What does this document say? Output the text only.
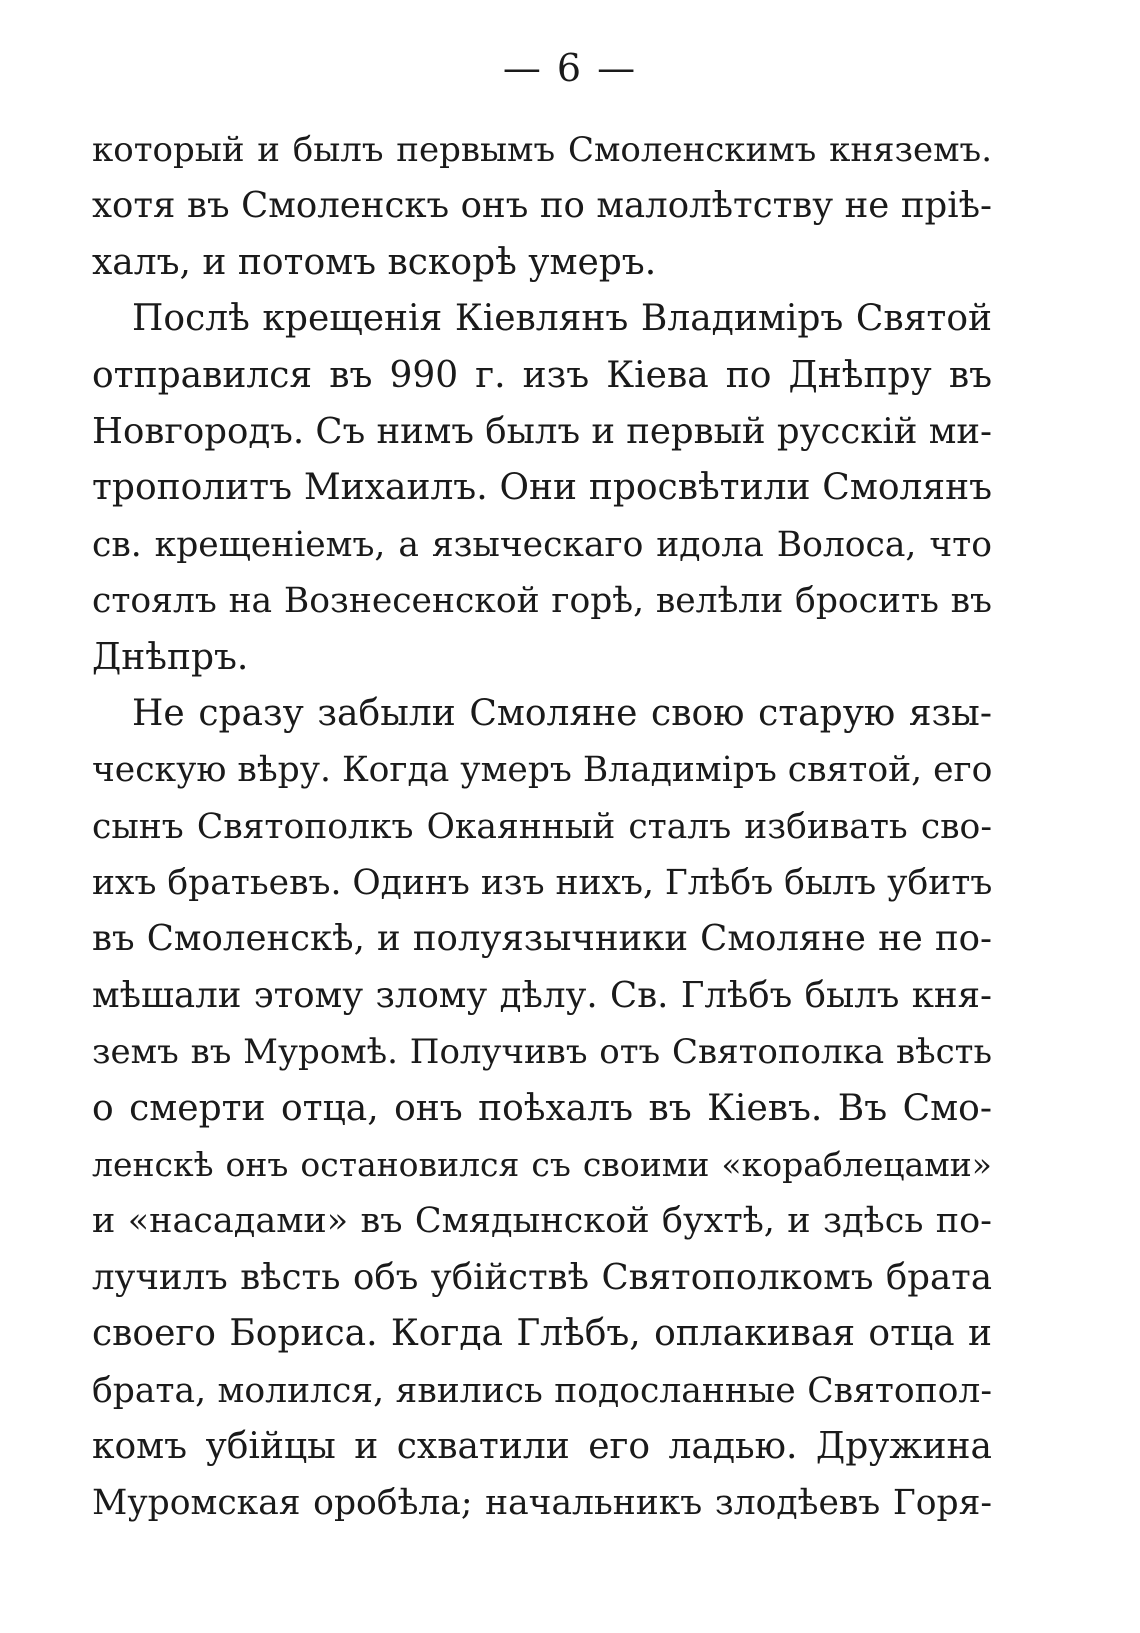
— 6 —
который и былъ первымъ Смоленскимъ княземъ.
хотя въ Смоленскъ онъ по малолѣтству не пріѣ-
халъ, и потомъ вскорѣ умеръ.
Послѣ крещенія Кіевлянъ Владиміръ Святой
отправился въ 990 г. изъ Кіева по Днѣпру въ
Новгородъ. Съ нимъ былъ и первый русскій ми-
трополитъ Михаилъ. Они просвѣтили Смолянъ
св. крещеніемъ, а языческаго идола Волоса, что
стоялъ на Вознесенской горѣ, велѣли бросить въ
Днѣпръ.
Не сразу забыли Смоляне свою старую язы-
ческую вѣру. Когда умеръ Владиміръ святой, его
сынъ Святополкъ Окаянный сталъ избивать сво-
ихъ братьевъ. Одинъ изъ нихъ, Глѣбъ былъ убитъ
въ Смоленскѣ, и полуязычники Смоляне не по-
мѣшали этому злому дѣлу. Св. Глѣбъ былъ кня-
земъ въ Муромѣ. Получивъ отъ Святополка вѣсть
о смерти отца, онъ поѣхалъ въ Кіевъ. Въ Смо-
ленскѣ онъ остановился съ своими «кораблецами»
и «насадами» въ Смядынской бухтѣ, и здѣсь по-
лучилъ вѣсть объ убійствѣ Святополкомъ брата
своего Бориса. Когда Глѣбъ, оплакивая отца и
брата, молился, явились подосланные Святопол-
комъ убійцы и схватили его ладью. Дружина
Муромская оробѣла; начальникъ злодѣевъ Горя-
